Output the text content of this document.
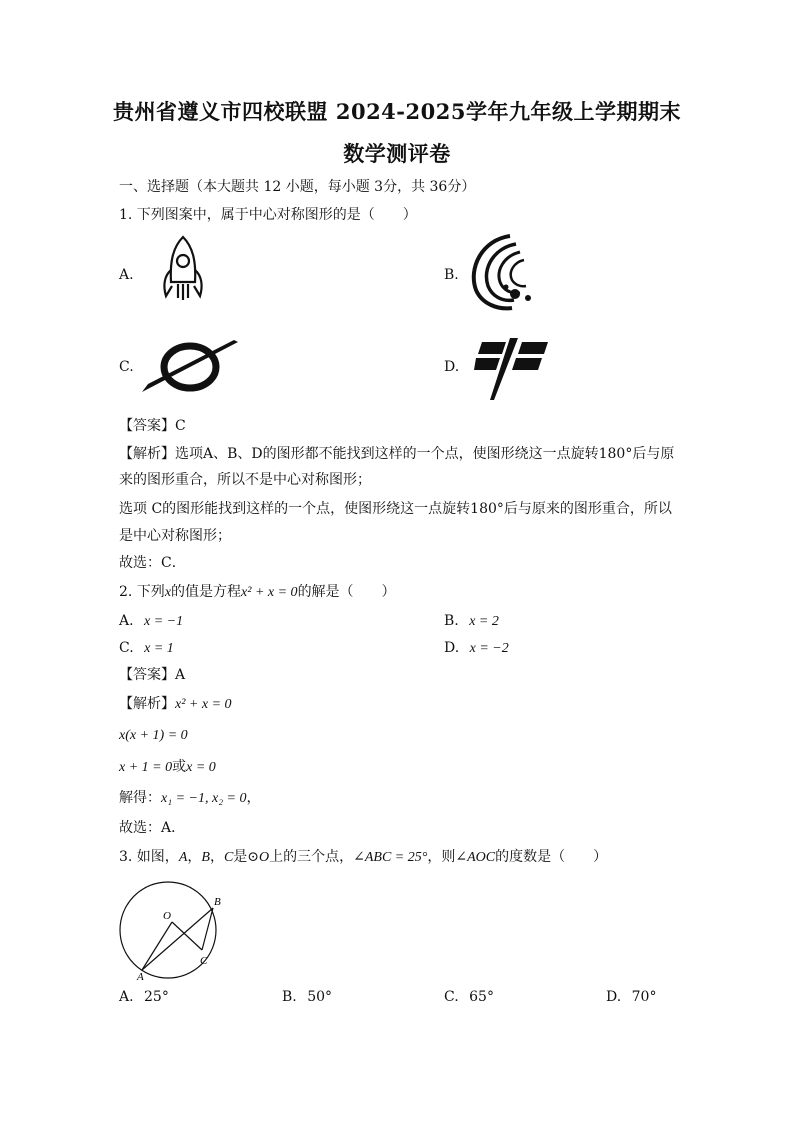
贵州省遵义市四校联盟 2024-2025学年九年级上学期期末
数学测评卷
一、选择题（本大题共 12 小题，每小题 3分，共 36分）
1. 下列图案中，属于中心对称图形的是（　　）
A.	B.
C.	D.
【答案】C
【解析】选项A、B、D的图形都不能找到这样的一个点，使图形绕这一点旋转180°后与原
来的图形重合，所以不是中心对称图形；
选项 C的图形能找到这样的一个点，使图形绕这一点旋转180°后与原来的图形重合，所以
是中心对称图形；
故选：C．
2. 下列x的值是方程x² + x = 0的解是（　　）
A. x = −1	B. x = 2
C. x = 1	D. x = −2
【答案】A
【解析】x² + x = 0
x(x + 1) = 0
x + 1 = 0或x = 0
解得：x₁ = −1, x₂ = 0，
故选：A．
3. 如图，A，B，C是⊙O上的三个点，∠ABC = 25°，则∠AOC的度数是（　　）
O
B
C
A
A. 25°	B. 50°	C. 65°	D. 70°
